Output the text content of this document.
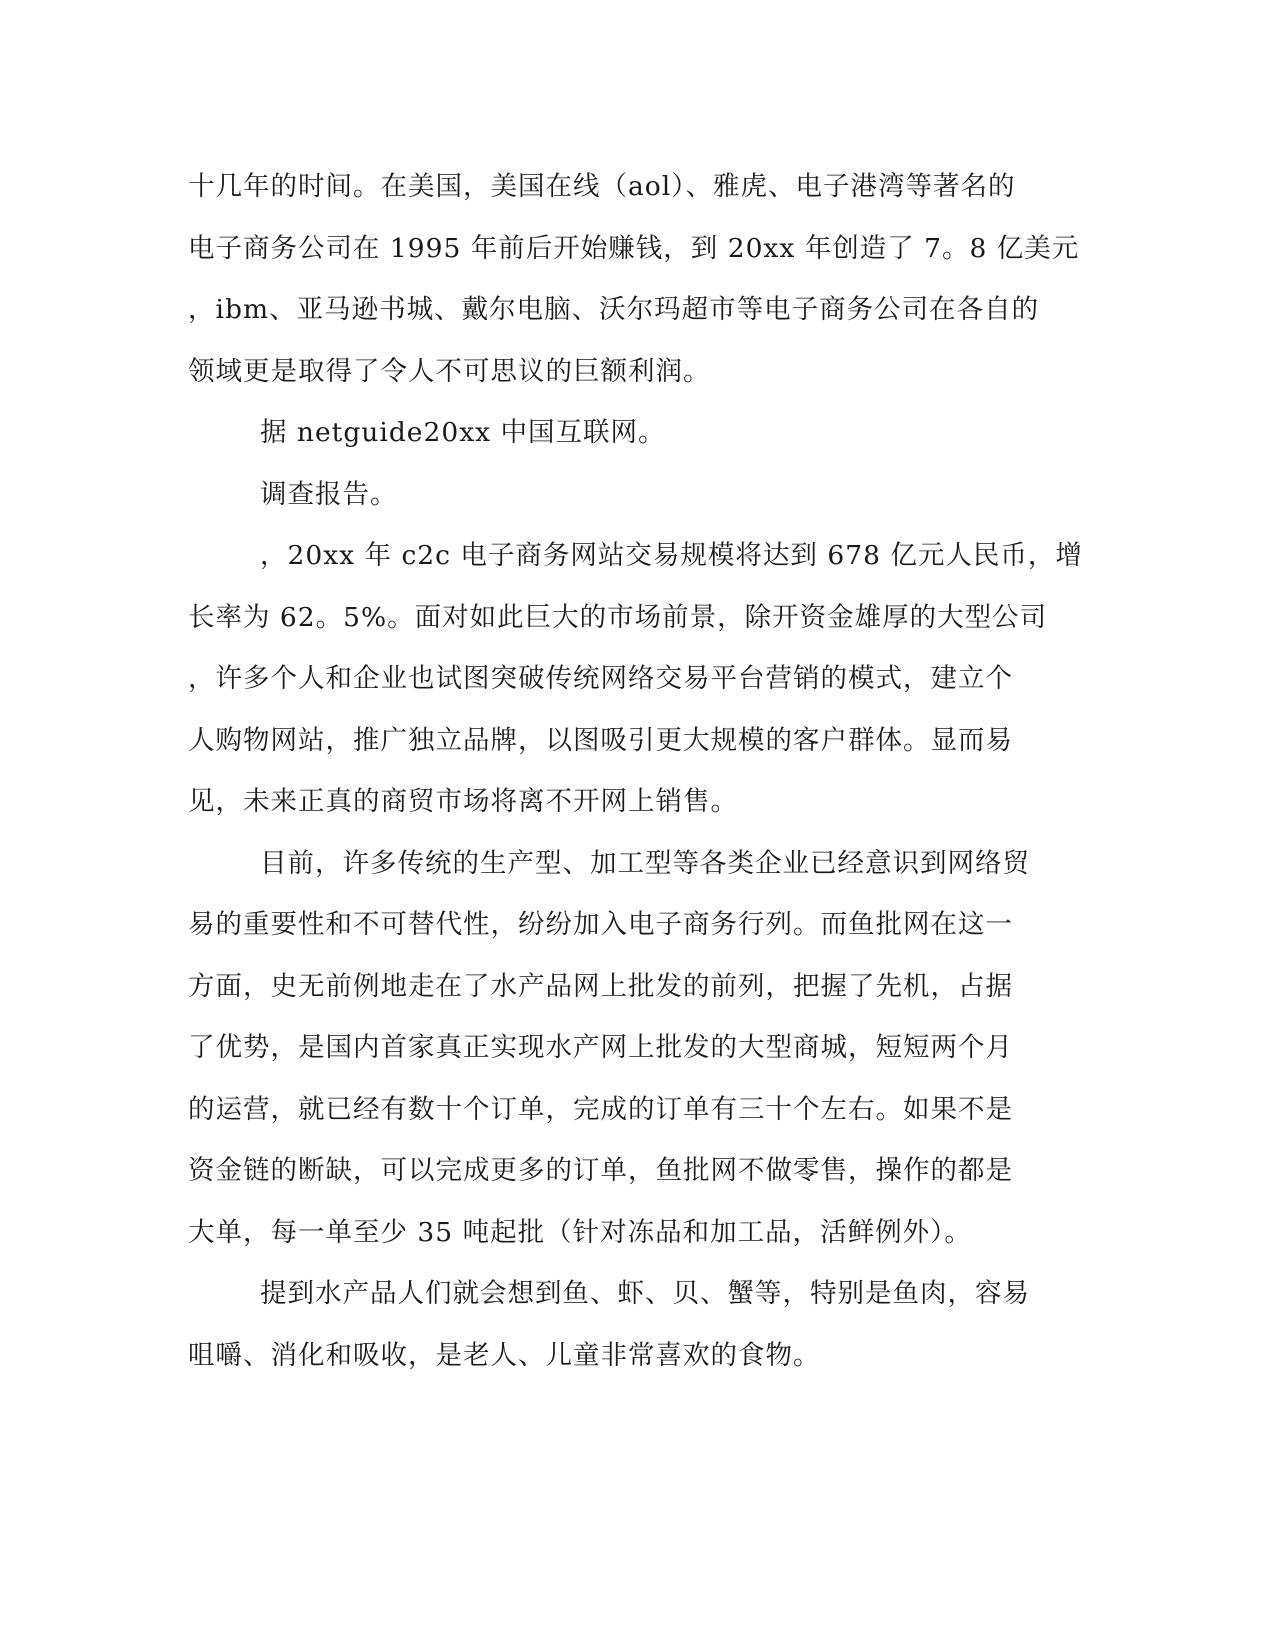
十几年的时间。在美国，美国在线（aol）、雅虎、电子港湾等著名的
电子商务公司在 1995 年前后开始赚钱，到 20xx 年创造了 7。8 亿美元
，ibm、亚马逊书城、戴尔电脑、沃尔玛超市等电子商务公司在各自的
领域更是取得了令人不可思议的巨额利润。
据 netguide20xx 中国互联网。
调查报告。
，20xx 年 c2c 电子商务网站交易规模将达到 678 亿元人民币，增
长率为 62。5%。面对如此巨大的市场前景，除开资金雄厚的大型公司
，许多个人和企业也试图突破传统网络交易平台营销的模式，建立个
人购物网站，推广独立品牌，以图吸引更大规模的客户群体。显而易
见，未来正真的商贸市场将离不开网上销售。
目前，许多传统的生产型、加工型等各类企业已经意识到网络贸
易的重要性和不可替代性，纷纷加入电子商务行列。而鱼批网在这一
方面，史无前例地走在了水产品网上批发的前列，把握了先机，占据
了优势，是国内首家真正实现水产网上批发的大型商城，短短两个月
的运营，就已经有数十个订单，完成的订单有三十个左右。如果不是
资金链的断缺，可以完成更多的订单，鱼批网不做零售，操作的都是
大单，每一单至少 35 吨起批（针对冻品和加工品，活鲜例外）。
提到水产品人们就会想到鱼、虾、贝、蟹等，特别是鱼肉，容易
咀嚼、消化和吸收，是老人、儿童非常喜欢的食物。
